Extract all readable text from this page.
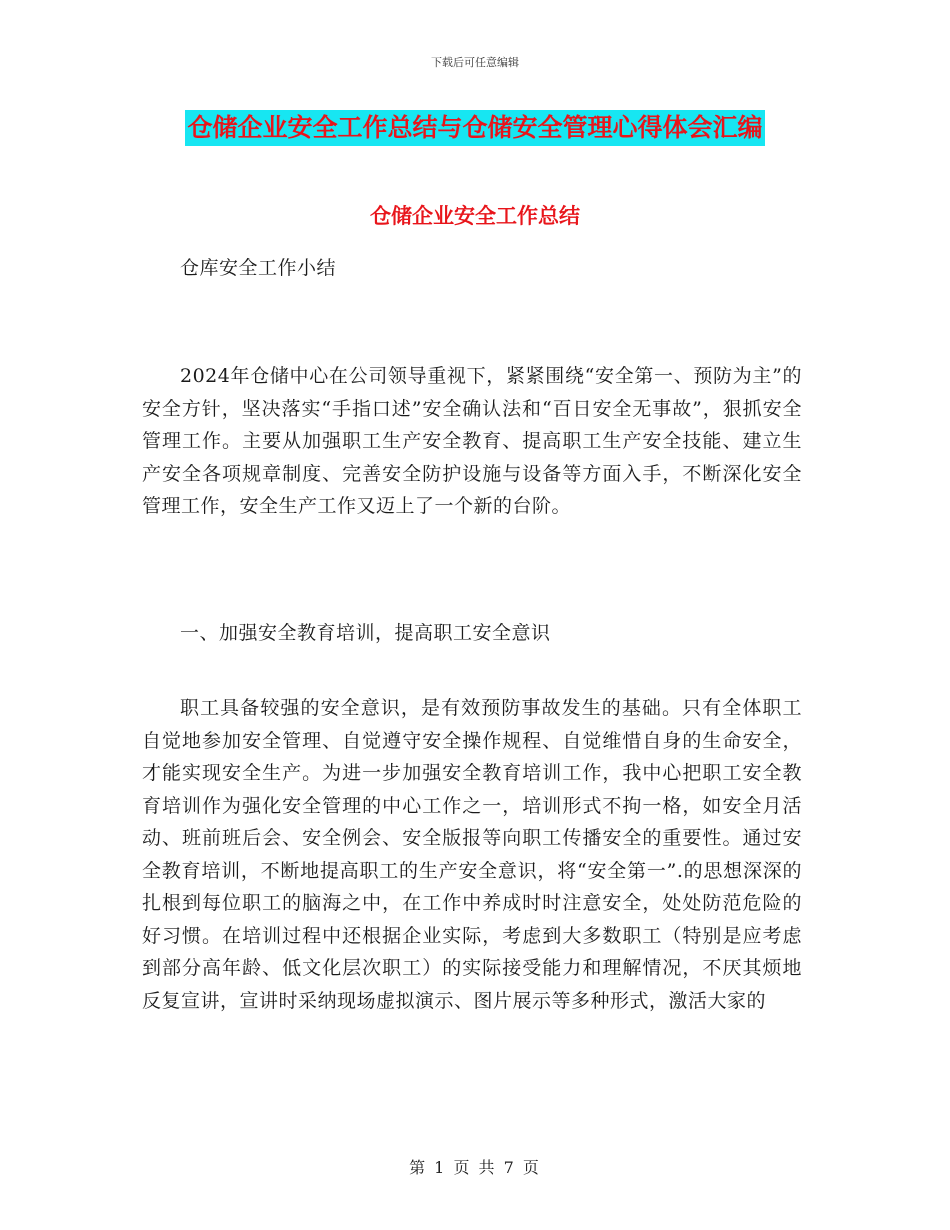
下载后可任意编辑
仓储企业安全工作总结与仓储安全管理心得体会汇编
仓储企业安全工作总结

仓库安全工作小结

2024年仓储中心在公司领导重视下，紧紧围绕“安全第一、预防为主”的安全方针，坚决落实“手指口述”安全确认法和“百日安全无事故”，狠抓安全管理工作。主要从加强职工生产安全教育、提高职工生产安全技能、建立生产安全各项规章制度、完善安全防护设施与设备等方面入手，不断深化安全管理工作，安全生产工作又迈上了一个新的台阶。

一、加强安全教育培训，提高职工安全意识

职工具备较强的安全意识，是有效预防事故发生的基础。只有全体职工自觉地参加安全管理、自觉遵守安全操作规程、自觉维惜自身的生命安全，才能实现安全生产。为进一步加强安全教育培训工作，我中心把职工安全教育培训作为强化安全管理的中心工作之一，培训形式不拘一格，如安全月活动、班前班后会、安全例会、安全版报等向职工传播安全的重要性。通过安全教育培训，不断地提高职工的生产安全意识，将“安全第一”.的思想深深的扎根到每位职工的脑海之中，在工作中养成时时注意安全，处处防范危险的好习惯。在培训过程中还根据企业实际，考虑到大多数职工（特别是应考虑到部分高年龄、低文化层次职工）的实际接受能力和理解情况，不厌其烦地反复宣讲，宣讲时采纳现场虚拟演示、图片展示等多种形式，激活大家的

第 1 页 共 7 页
